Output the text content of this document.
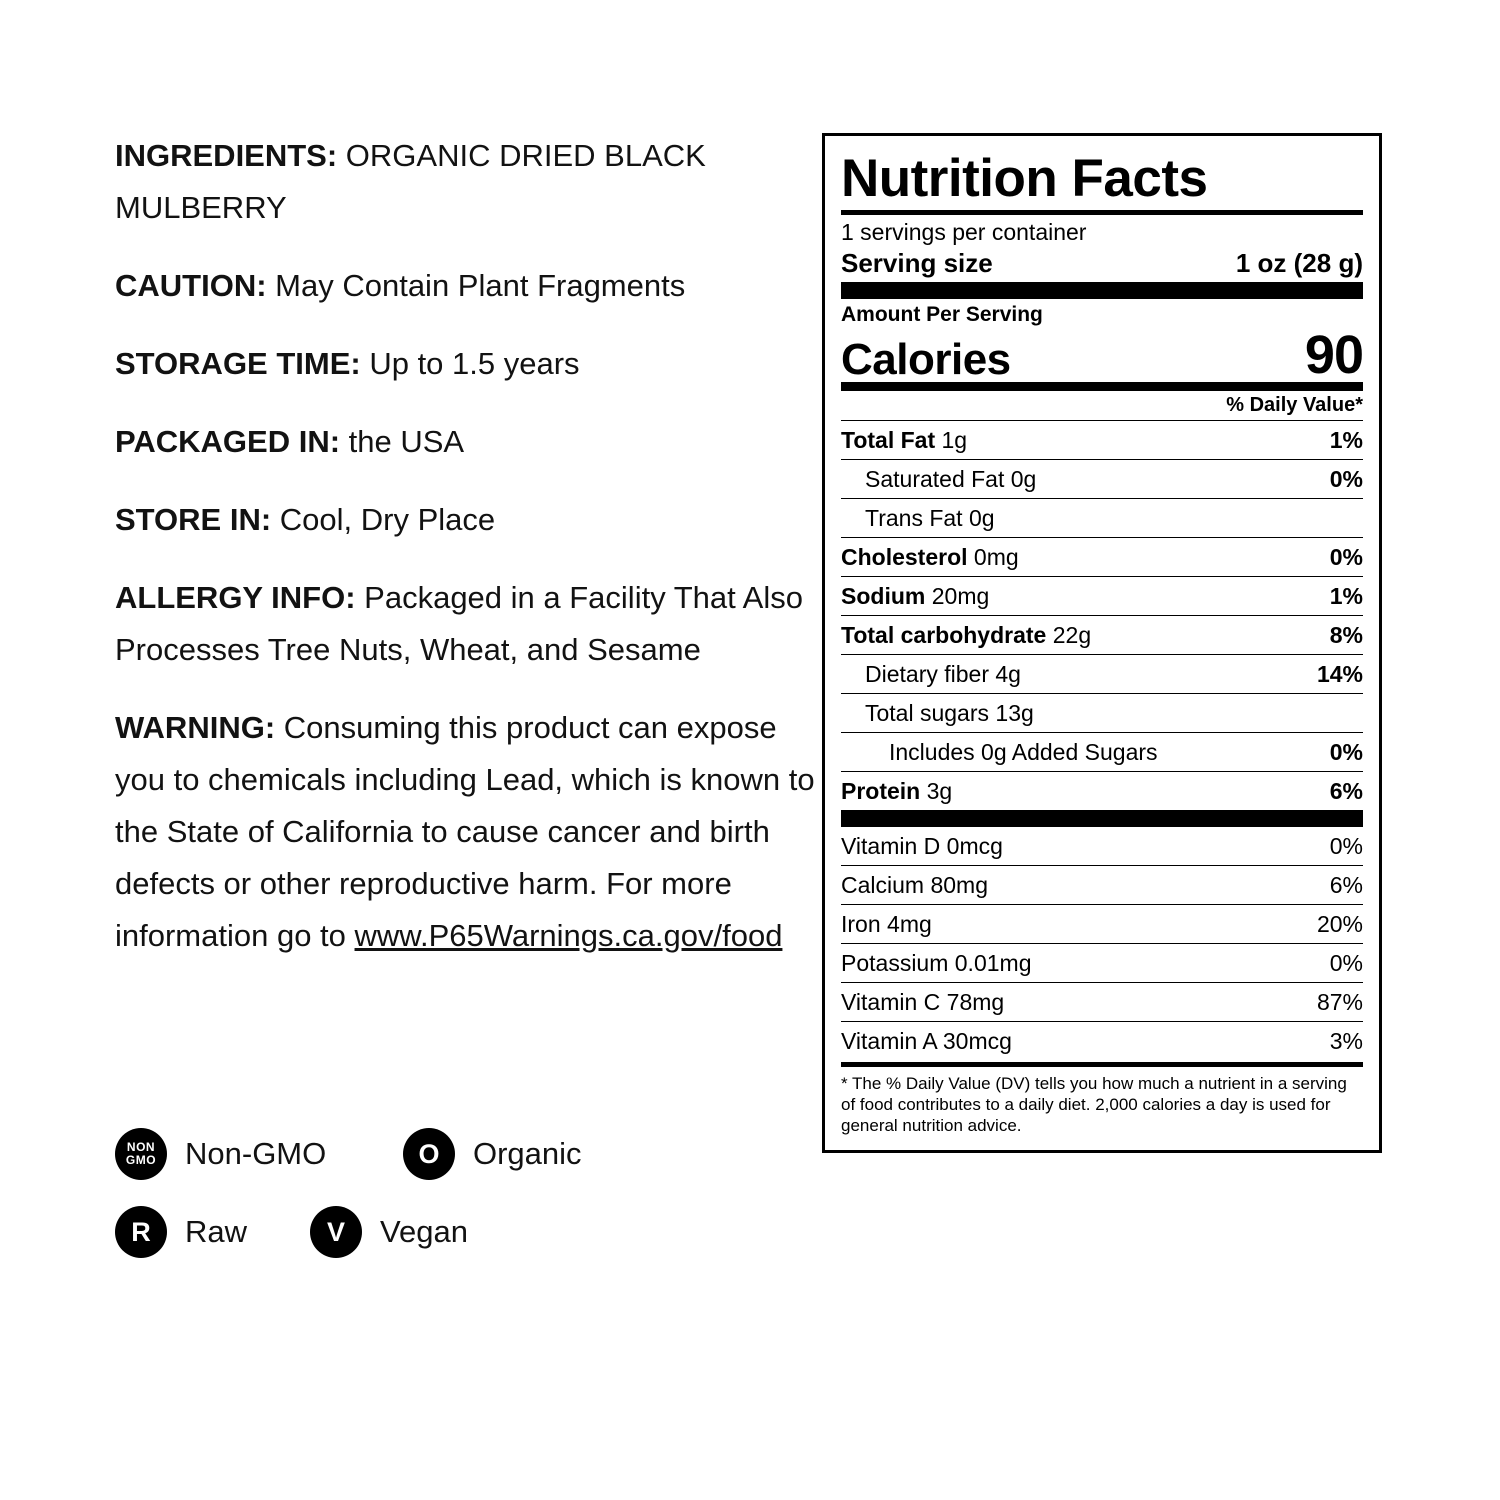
INGREDIENTS: ORGANIC DRIED BLACK MULBERRY
CAUTION: May Contain Plant Fragments
STORAGE TIME: Up to 1.5 years
PACKAGED IN: the USA
STORE IN: Cool, Dry Place
ALLERGY INFO: Packaged in a Facility That Also Processes Tree Nuts, Wheat, and Sesame
WARNING: Consuming this product can expose you to chemicals including Lead, which is known to the State of California to cause cancer and birth defects or other reproductive harm. For more information go to www.P65Warnings.ca.gov/food
NON
GMO Non-GMO	O Organic
R Raw	V Vegan
Nutrition Facts
1 servings per container
Serving size	1 oz (28 g)
Amount Per Serving
Calories	90
% Daily Value*
Total Fat 1g	1%
Saturated Fat 0g	0%
Trans Fat 0g
Cholesterol 0mg	0%
Sodium 20mg	1%
Total carbohydrate 22g	8%
Dietary fiber 4g	14%
Total sugars 13g
Includes 0g Added Sugars	0%
Protein 3g	6%
Vitamin D 0mcg	0%
Calcium 80mg	6%
Iron 4mg	20%
Potassium 0.01mg	0%
Vitamin C 78mg	87%
Vitamin A 30mcg	3%
* The % Daily Value (DV) tells you how much a nutrient in a serving of food contributes to a daily diet. 2,000 calories a day is used for general nutrition advice.
